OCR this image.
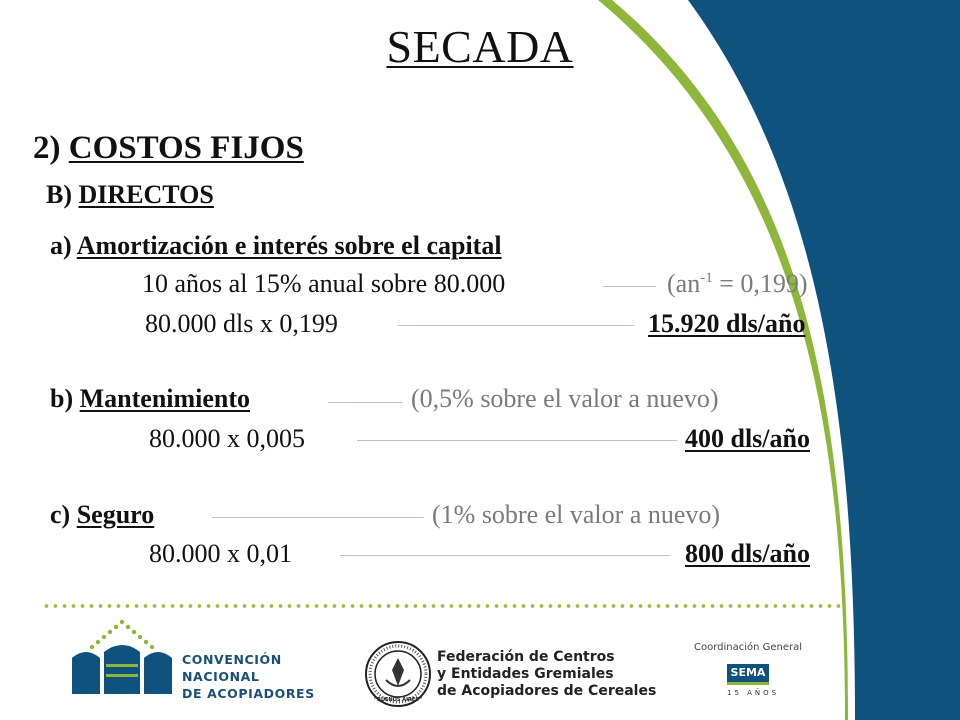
SECADA
2) COSTOS FIJOS
B) DIRECTOS
a) Amortización e interés sobre el capital
10 años al 15% anual sobre 80.000	$(an^{-1} = 0,199)$
80.000 dls x 0,199	15.920 dls/año
b) Mantenimiento	(0,5% sobre el valor a nuevo)
80.000 x 0,005	400 dls/año
c) Seguro	(1% sobre el valor a nuevo)
80.000 x 0,01	800 dls/año
CONVENCIÓN
NACIONAL
DE ACOPIADORES	“BUENOS AIRES”
Federación de Centros
y Entidades Gremiales
de Acopiadores de Cereales
Coordinación General
SEMA
15 AÑOS
